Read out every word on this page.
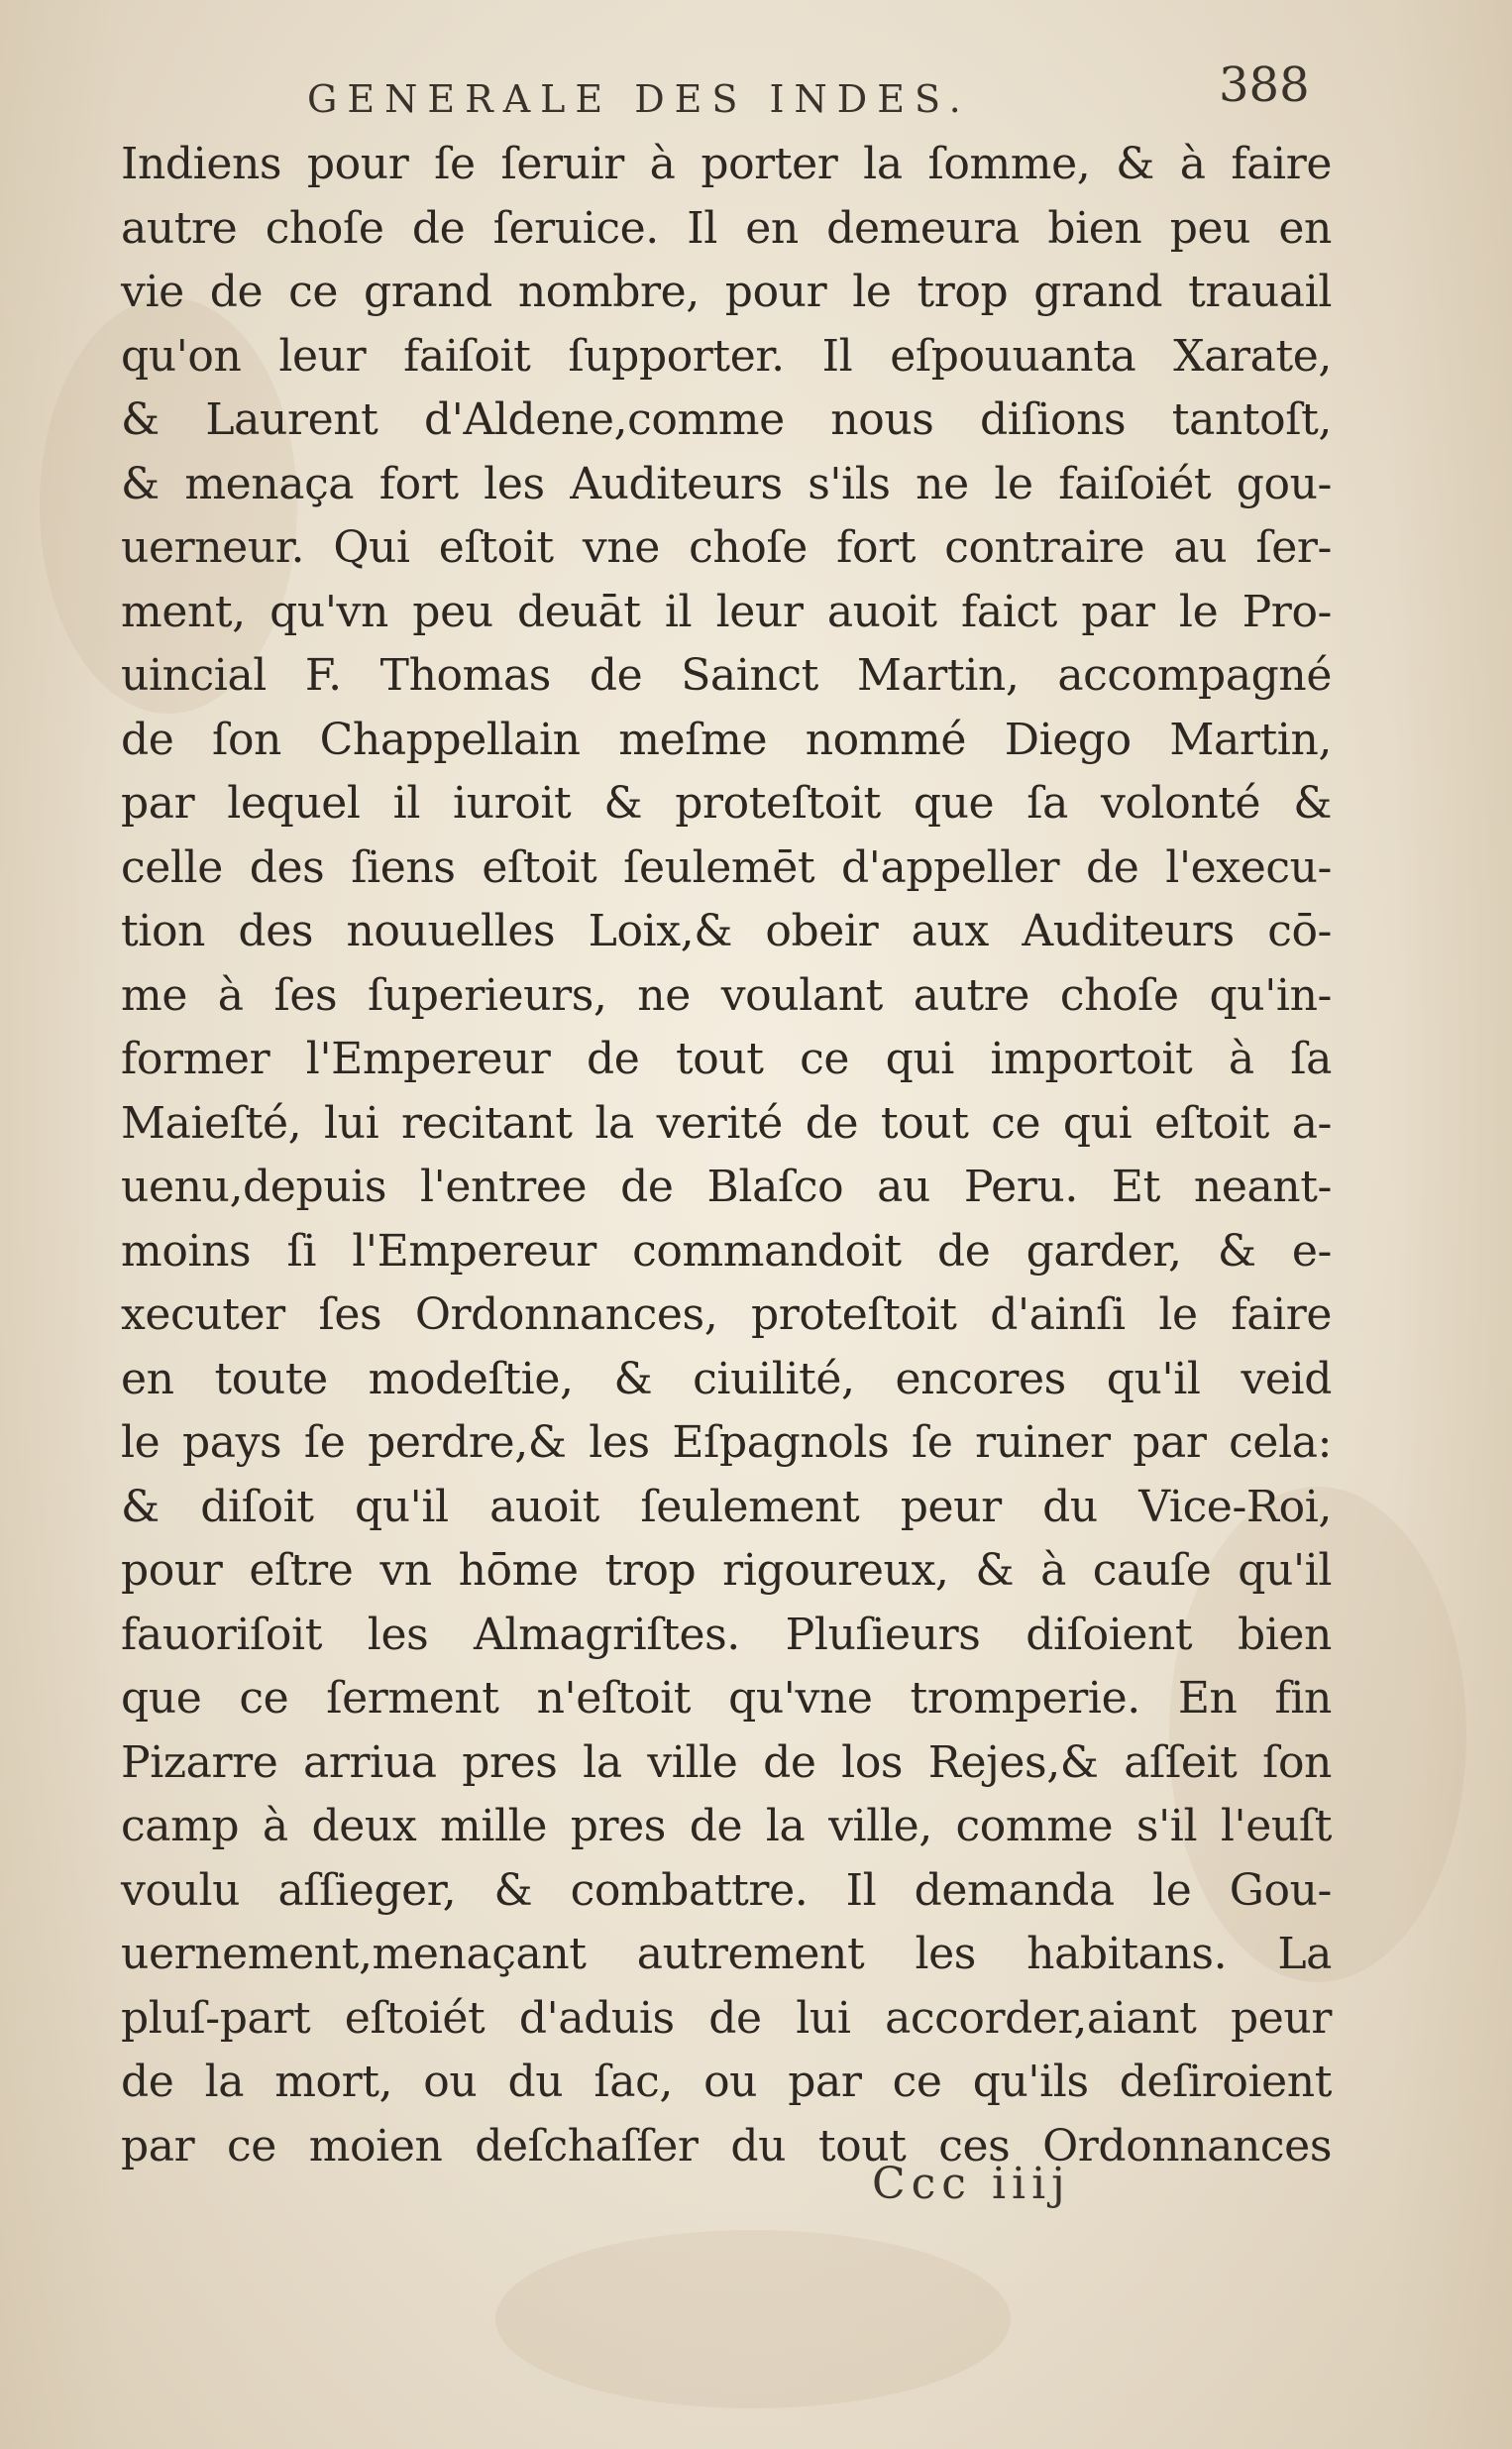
GENERALE DES INDES.	388
Indiens pour ſe ſeruir à porter la ſomme, & à faire
autre choſe de ſeruice. Il en demeura bien peu en
vie de ce grand nombre, pour le trop grand trauail
qu'on leur faiſoit ſupporter. Il eſpouuanta Xarate,
& Laurent d'Aldene,comme nous diſions tantoſt,
& menaça fort les Auditeurs s'ils ne le faiſoiét gou-
uerneur. Qui eſtoit vne choſe fort contraire au ſer-
ment, qu'vn peu deuāt il leur auoit faict par le Pro-
uincial F. Thomas de Sainct Martin, accompagné
de ſon Chappellain meſme nommé Diego Martin,
par lequel il iuroit & proteſtoit que ſa volonté &
celle des ſiens eſtoit ſeulemēt d'appeller de l'execu-
tion des nouuelles Loix,& obeir aux Auditeurs cō-
me à ſes ſuperieurs, ne voulant autre choſe qu'in-
former l'Empereur de tout ce qui importoit à ſa
Maieſté, lui recitant la verité de tout ce qui eſtoit a-
uenu,depuis l'entree de Blaſco au Peru. Et neant-
moins ſi l'Empereur commandoit de garder, & e-
xecuter ſes Ordonnances, proteſtoit d'ainſi le faire
en toute modeſtie, & ciuilité, encores qu'il veid
le pays ſe perdre,& les Eſpagnols ſe ruiner par cela:
& diſoit qu'il auoit ſeulement peur du Vice-Roi,
pour eſtre vn hōme trop rigoureux, & à cauſe qu'il
fauoriſoit les Almagriſtes. Pluſieurs diſoient bien
que ce ſerment n'eſtoit qu'vne tromperie. En fin
Pizarre arriua pres la ville de los Rejes,& aſſeit ſon
camp à deux mille pres de la ville, comme s'il l'euſt
voulu aſſieger, & combattre. Il demanda le Gou-
uernement,menaçant autrement les habitans. La
pluſ-part eſtoiét d'aduis de lui accorder,aiant peur
de la mort, ou du ſac, ou par ce qu'ils deſiroient
par ce moien deſchaſſer du tout ces Ordonnances
Ccc iiij
